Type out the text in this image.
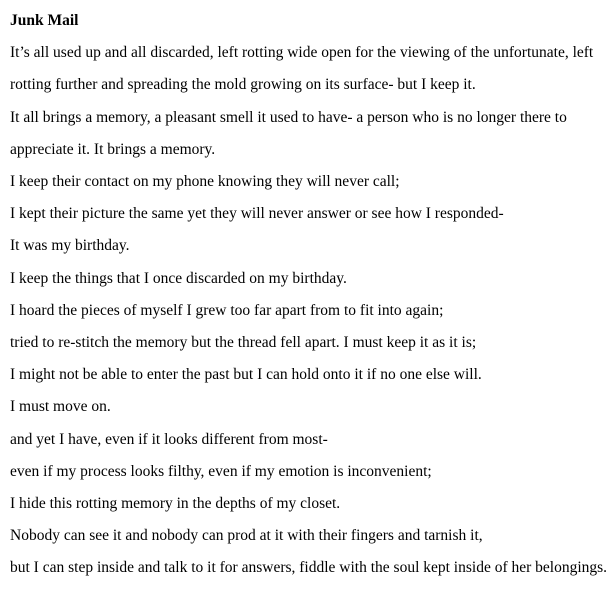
Junk Mail

It’s all used up and all discarded, left rotting wide open for the viewing of the unfortunate, left

rotting further and spreading the mold growing on its surface- but I keep it.

It all brings a memory, a pleasant smell it used to have- a person who is no longer there to

appreciate it. It brings a memory.

I keep their contact on my phone knowing they will never call;

I kept their picture the same yet they will never answer or see how I responded-

It was my birthday.

I keep the things that I once discarded on my birthday.

I hoard the pieces of myself I grew too far apart from to fit into again;

tried to re-stitch the memory but the thread fell apart. I must keep it as it is;

I might not be able to enter the past but I can hold onto it if no one else will.

I must move on.

and yet I have, even if it looks different from most-

even if my process looks filthy, even if my emotion is inconvenient;

I hide this rotting memory in the depths of my closet.

Nobody can see it and nobody can prod at it with their fingers and tarnish it,

but I can step inside and talk to it for answers, fiddle with the soul kept inside of her belongings.
